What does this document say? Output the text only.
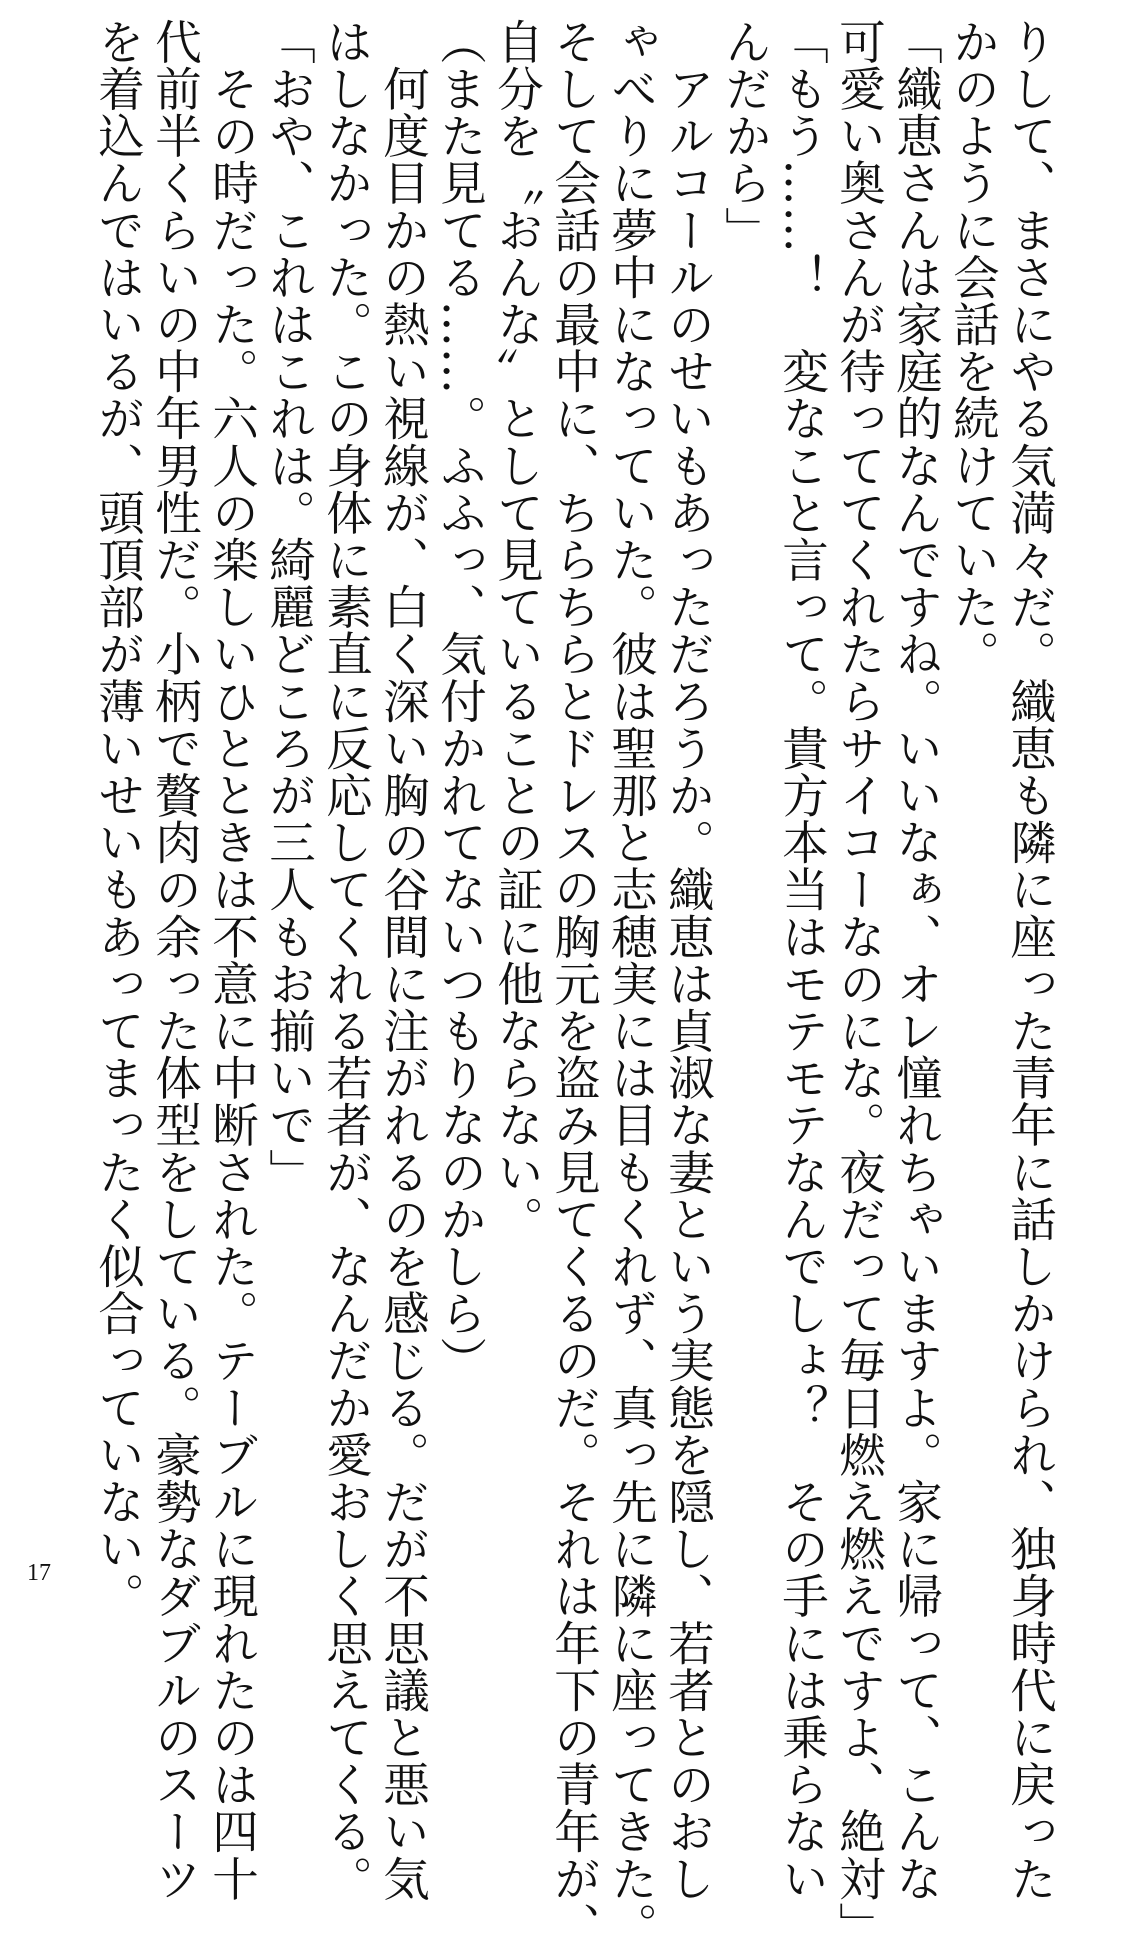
りして、まさにやる気満々だ。織恵も隣に座った青年に話しかけられ、独身時代に戻った
かのように会話を続けていた。
「織恵さんは家庭的なんですね。いいなぁ、オレ憧れちゃいますよ。家に帰って、こんな
可愛い奥さんが待っててくれたらサイコーなのにな。夜だって毎日燃え燃えですよ、絶対」
「もう……！　変なこと言って。貴方本当はモテモテなんでしょ？　その手には乗らない
んだから」
　アルコールのせいもあっただろうか。織恵は貞淑な妻という実態を隠し、若者とのおし
ゃべりに夢中になっていた。彼は聖那と志穂実には目もくれず、真っ先に隣に座ってきた。
そして会話の最中に、ちらちらとドレスの胸元を盗み見てくるのだ。それは年下の青年が、
自分を〝おんな〟として見ていることの証に他ならない。
（また見てる……。ふふっ、気付かれてないつもりなのかしら）
　何度目かの熱い視線が、白く深い胸の谷間に注がれるのを感じる。だが不思議と悪い気
はしなかった。この身体に素直に反応してくれる若者が、なんだか愛おしく思えてくる。
「おや、これはこれは。綺麗どころが三人もお揃いで」
　その時だった。六人の楽しいひとときは不意に中断された。テーブルに現れたのは四十
代前半くらいの中年男性だ。小柄で贅肉の余った体型をしている。豪勢なダブルのスーツ
を着込んではいるが、頭頂部が薄いせいもあってまったく似合っていない。
17
